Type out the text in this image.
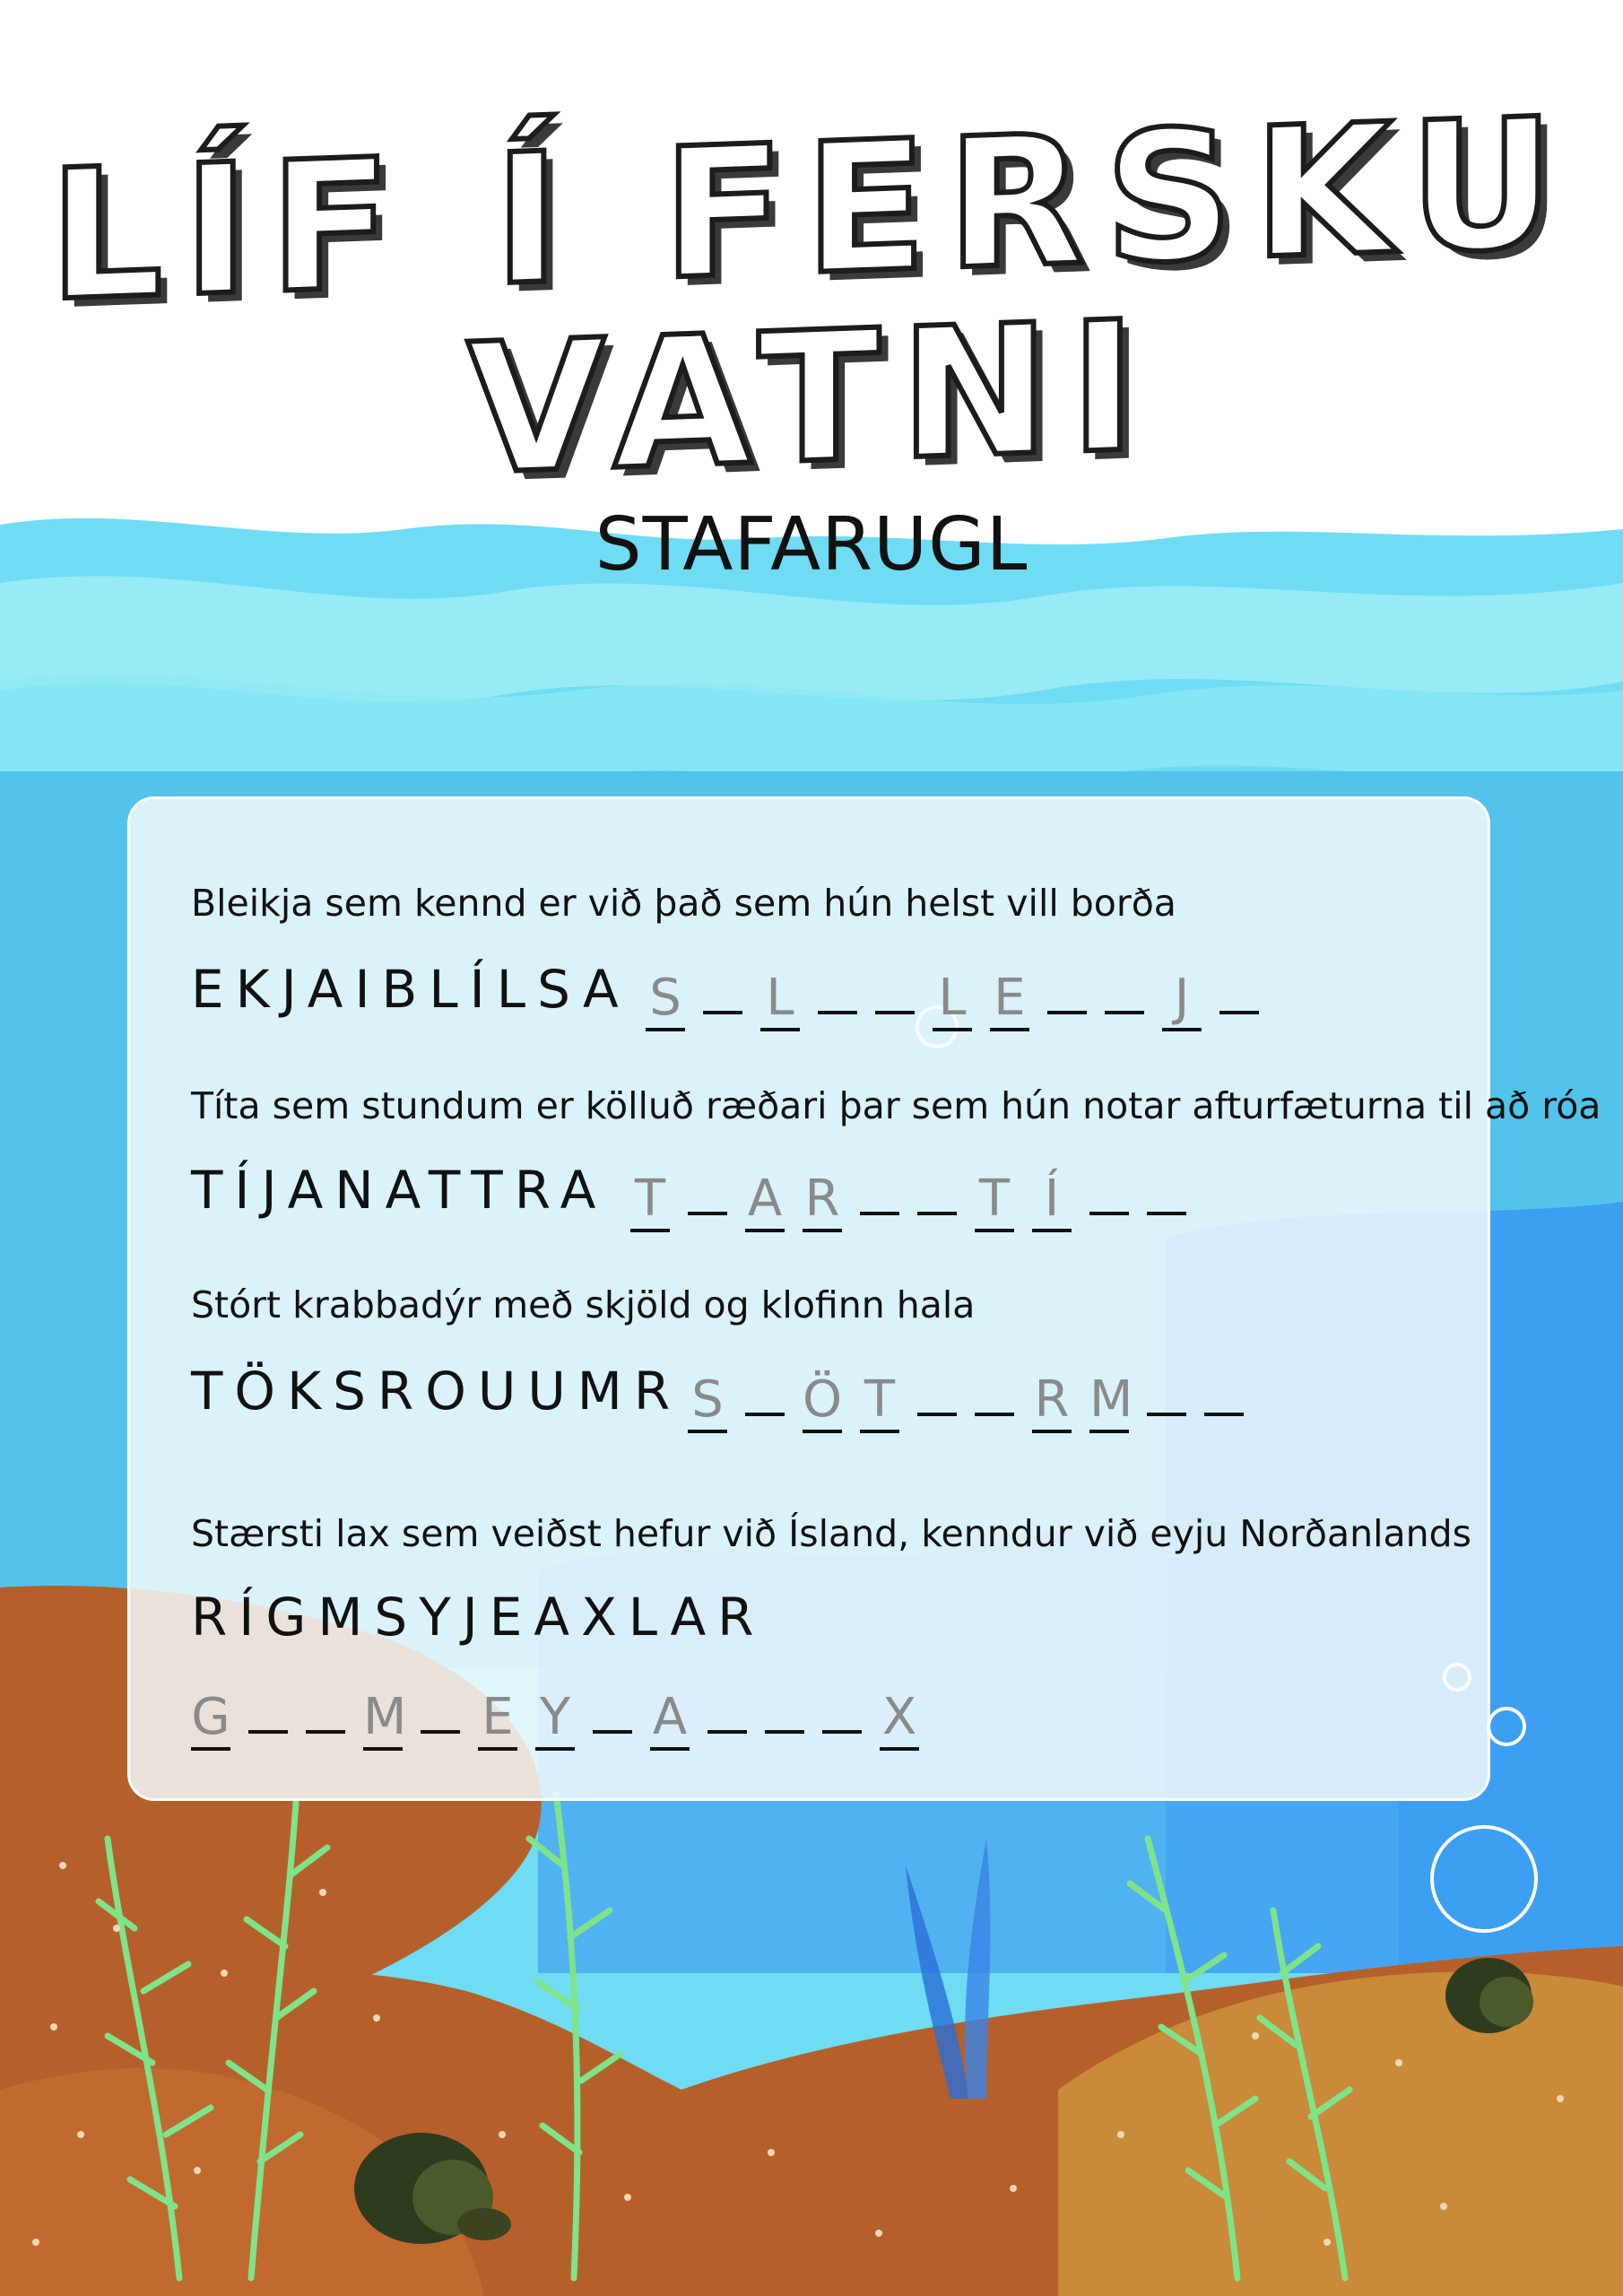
LÍF Í FERSKU
VATNI
STAFARUGL
Bleikja sem kennd er við það sem hún helst vill borða
EKJAIBLÍLSA S L	L E	J
Títa sem stundum er kölluð ræðari þar sem hún notar afturfæturna til að róa
TÍJANATTRA T A R	T Í
Stórt krabbadýr með skjöld og klofinn hala
TÖKSROUUMR S Ö T	R M
Stærsti lax sem veiðst hefur við Ísland, kenndur við eyju Norðanlands
RÍGMSYJEAXLAR
G	M E Y A	X
